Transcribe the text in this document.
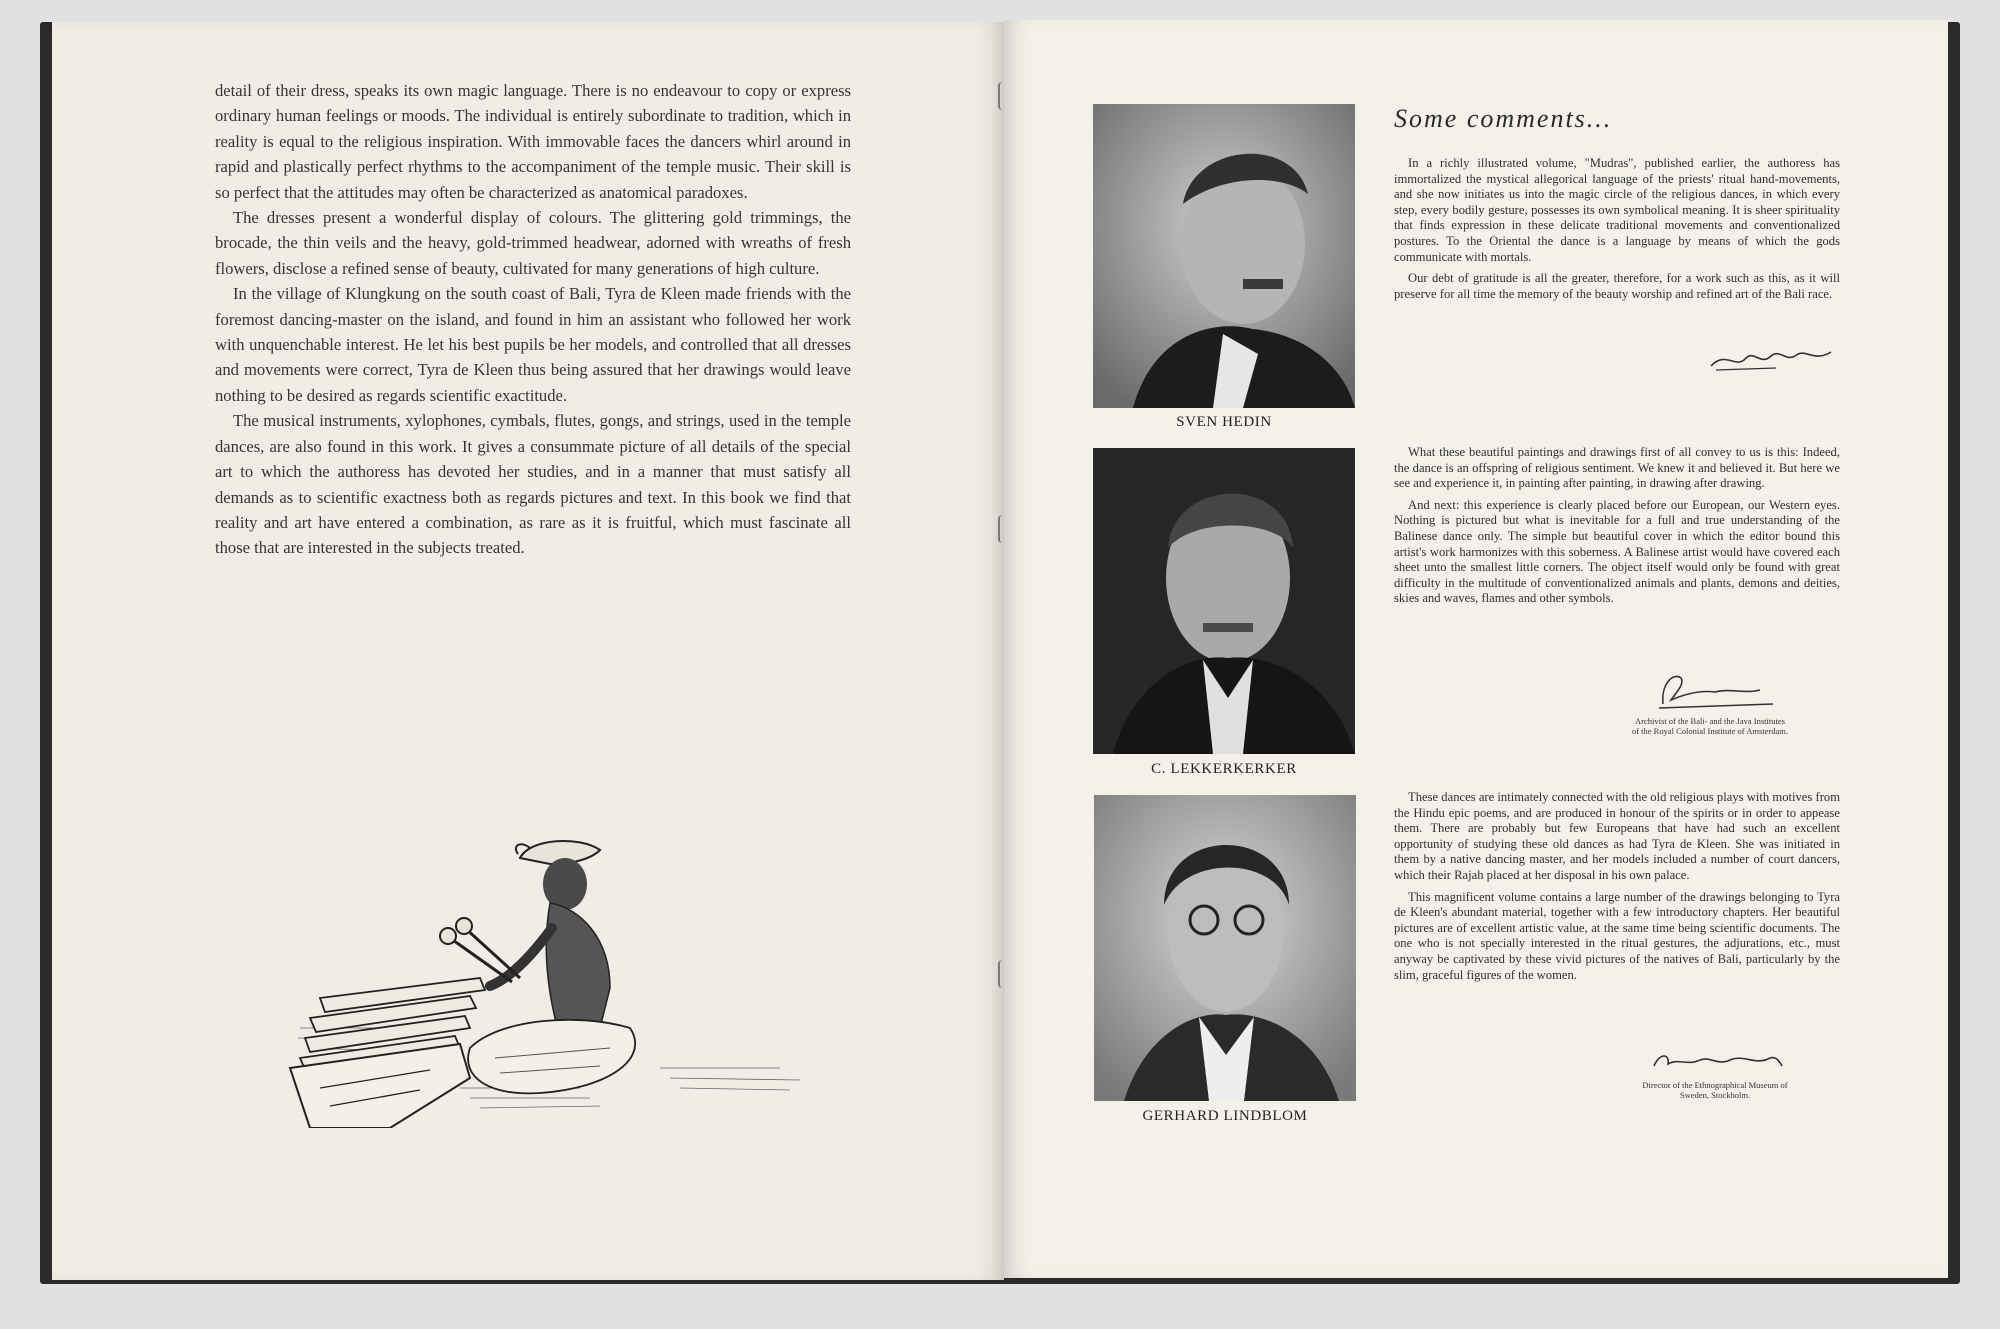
detail of their dress, speaks its own magic language. There is no endeavour to copy or express ordinary human feelings or moods. The individual is entirely subordinate to tradition, which in reality is equal to the religious inspiration. With immovable faces the dancers whirl around in rapid and plastically perfect rhythms to the accompaniment of the temple music. Their skill is so perfect that the attitudes may often be characterized as anatomical paradoxes.

The dresses present a wonderful display of colours. The glittering gold trimmings, the brocade, the thin veils and the heavy, gold-trimmed headwear, adorned with wreaths of fresh flowers, disclose a refined sense of beauty, cultivated for many generations of high culture.

In the village of Klungkung on the south coast of Bali, Tyra de Kleen made friends with the foremost dancing-master on the island, and found in him an assistant who followed her work with unquenchable interest. He let his best pupils be her models, and controlled that all dresses and movements were correct, Tyra de Kleen thus being assured that her drawings would leave nothing to be desired as regards scientific exactitude.

The musical instruments, xylophones, cymbals, flutes, gongs, and strings, used in the temple dances, are also found in this work. It gives a consummate picture of all details of the special art to which the authoress has devoted her studies, and in a manner that must satisfy all demands as to scientific exactness both as regards pictures and text. In this book we find that reality and art have entered a combination, as rare as it is fruitful, which must fascinate all those that are interested in the subjects treated.

SVEN HEDIN
C. LEKKERKERKER
GERHARD LINDBLOM
Some comments...

In a richly illustrated volume, "Mudras", published earlier, the authoress has immortalized the mystical allegorical language of the priests' ritual hand-movements, and she now initiates us into the magic circle of the religious dances, in which every step, every bodily gesture, possesses its own symbolical meaning. It is sheer spirituality that finds expression in these delicate traditional movements and conventionalized postures. To the Oriental the dance is a language by means of which the gods communicate with mortals.

Our debt of gratitude is all the greater, therefore, for a work such as this, as it will preserve for all time the memory of the beauty worship and refined art of the Bali race.

What these beautiful paintings and drawings first of all convey to us is this: Indeed, the dance is an offspring of religious sentiment. We knew it and believed it. But here we see and experience it, in painting after painting, in drawing after drawing.

And next: this experience is clearly placed before our European, our Western eyes. Nothing is pictured but what is inevitable for a full and true understanding of the Balinese dance only. The simple but beautiful cover in which the editor bound this artist's work harmonizes with this soberness. A Balinese artist would have covered each sheet unto the smallest little corners. The object itself would only be found with great difficulty in the multitude of conventionalized animals and plants, demons and deities, skies and waves, flames and other symbols.

Archivist of the Bali- and the Java Institutes
of the Royal Colonial Institute of Amsterdam.

These dances are intimately connected with the old religious plays with motives from the Hindu epic poems, and are produced in honour of the spirits or in order to appease them. There are probably but few Europeans that have had such an excellent opportunity of studying these old dances as had Tyra de Kleen. She was initiated in them by a native dancing master, and her models included a number of court dancers, which their Rajah placed at her disposal in his own palace.

This magnificent volume contains a large number of the drawings belonging to Tyra de Kleen's abundant material, together with a few introductory chapters. Her beautiful pictures are of excellent artistic value, at the same time being scientific documents. The one who is not specially interested in the ritual gestures, the adjurations, etc., must anyway be captivated by these vivid pictures of the natives of Bali, particularly by the slim, graceful figures of the women.

Director of the Ethnographical Museum of
Sweden, Stockholm.
